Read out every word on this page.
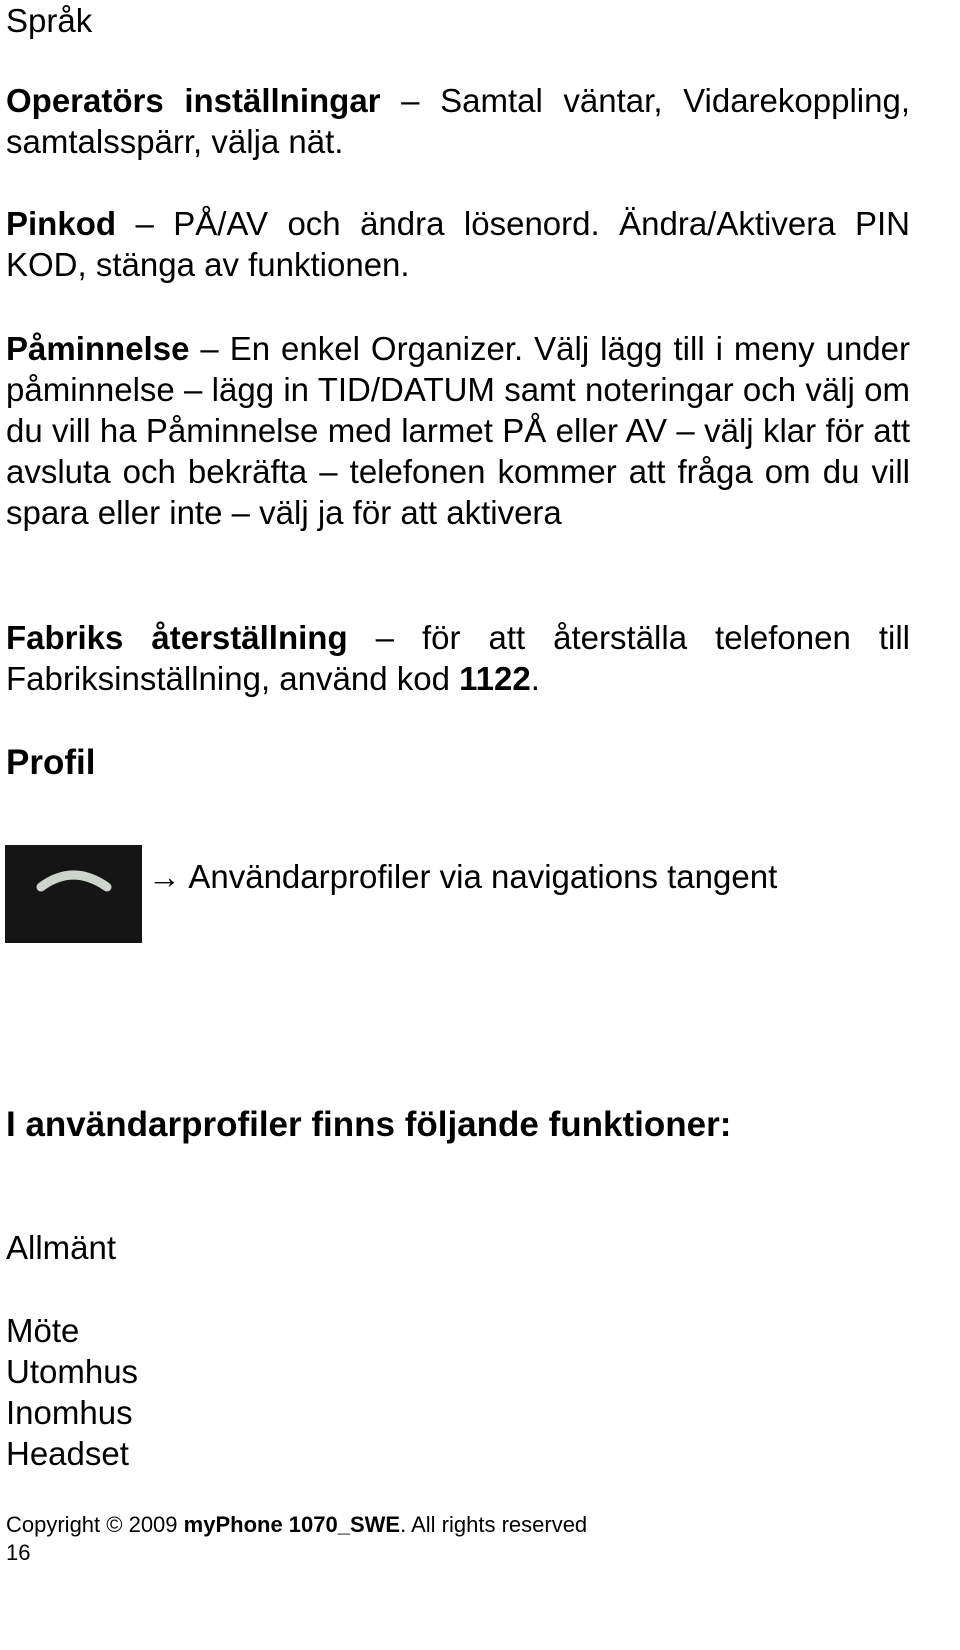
Språk
Operatörs inställningar – Samtal väntar, Vidarekoppling, samtalsspärr, välja nät.
Pinkod – PÅ/AV och ändra lösenord. Ändra/Aktivera PIN KOD, stänga av funktionen.
Påminnelse – En enkel Organizer. Välj lägg till i meny under påminnelse – lägg in TID/DATUM samt noteringar och välj om du vill ha Påminnelse med larmet PÅ eller AV – välj klar för att avsluta och bekräfta – telefonen kommer att fråga om du vill spara eller inte – välj ja för att aktivera
Fabriks återställning – för att återställa telefonen till Fabriksinställning, använd kod 1122.
Profil
→ Användarprofiler via navigations tangent
I användarprofiler finns följande funktioner:
Allmänt
Möte
Utomhus
Inomhus
Headset
Copyright © 2009 myPhone 1070_SWE. All rights reserved
16
